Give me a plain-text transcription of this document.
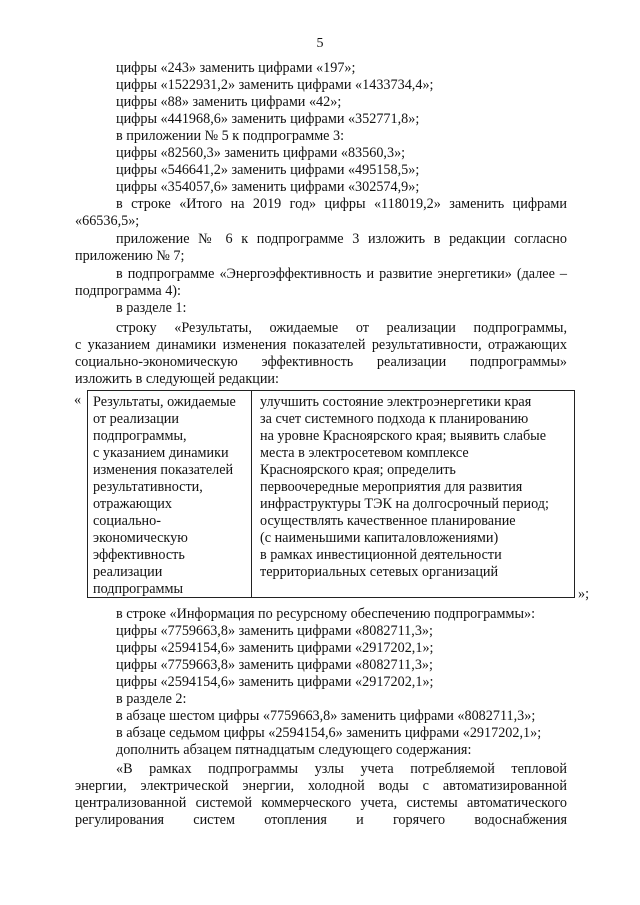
5
цифры «243» заменить цифрами «197»;
цифры «1522931,2» заменить цифрами «1433734,4»;
цифры «88» заменить цифрами «42»;
цифры «441968,6» заменить цифрами «352771,8»;
в приложении № 5 к подпрограмме 3:
цифры «82560,3» заменить цифрами «83560,3»;
цифры «546641,2» заменить цифрами «495158,5»;
цифры «354057,6» заменить цифрами «302574,9»;
в строке «Итого на 2019 год» цифры «118019,2» заменить цифрами
«66536,5»;
приложение № 6 к подпрограмме 3 изложить в редакции согласно
приложению № 7;
в подпрограмме «Энергоэффективность и развитие энергетики» (далее –
подпрограмма 4):
в разделе 1:
строку «Результаты, ожидаемые от реализации подпрограммы,
с указанием динамики изменения показателей результативности, отражающих
социально-экономическую эффективность реализации подпрограммы»
изложить в следующей редакции:
« Результаты, ожидаемые
от реализации
подпрограммы,
с указанием динамики
изменения показателей
результативности,
отражающих
социально-
экономическую
эффективность
реализации
подпрограммы
улучшить состояние электроэнергетики края
за счет системного подхода к планированию
на уровне Красноярского края; выявить слабые
места в электросетевом комплексе
Красноярского края; определить
первоочередные мероприятия для развития
инфраструктуры ТЭК на долгосрочный период;
осуществлять качественное планирование
(с наименьшими капиталовложениями)
в рамках инвестиционной деятельности
территориальных сетевых организаций
»;
в строке «Информация по ресурсному обеспечению подпрограммы»:
цифры «7759663,8» заменить цифрами «8082711,3»;
цифры «2594154,6» заменить цифрами «2917202,1»;
цифры «7759663,8» заменить цифрами «8082711,3»;
цифры «2594154,6» заменить цифрами «2917202,1»;
в разделе 2:
в абзаце шестом цифры «7759663,8» заменить цифрами «8082711,3»;
в абзаце седьмом цифры «2594154,6» заменить цифрами «2917202,1»;
дополнить абзацем пятнадцатым следующего содержания:
«В рамках подпрограммы узлы учета потребляемой тепловой
энергии, электрической энергии, холодной воды с автоматизированной
централизованной системой коммерческого учета, системы автоматического
регулирования систем отопления и горячего водоснабжения
